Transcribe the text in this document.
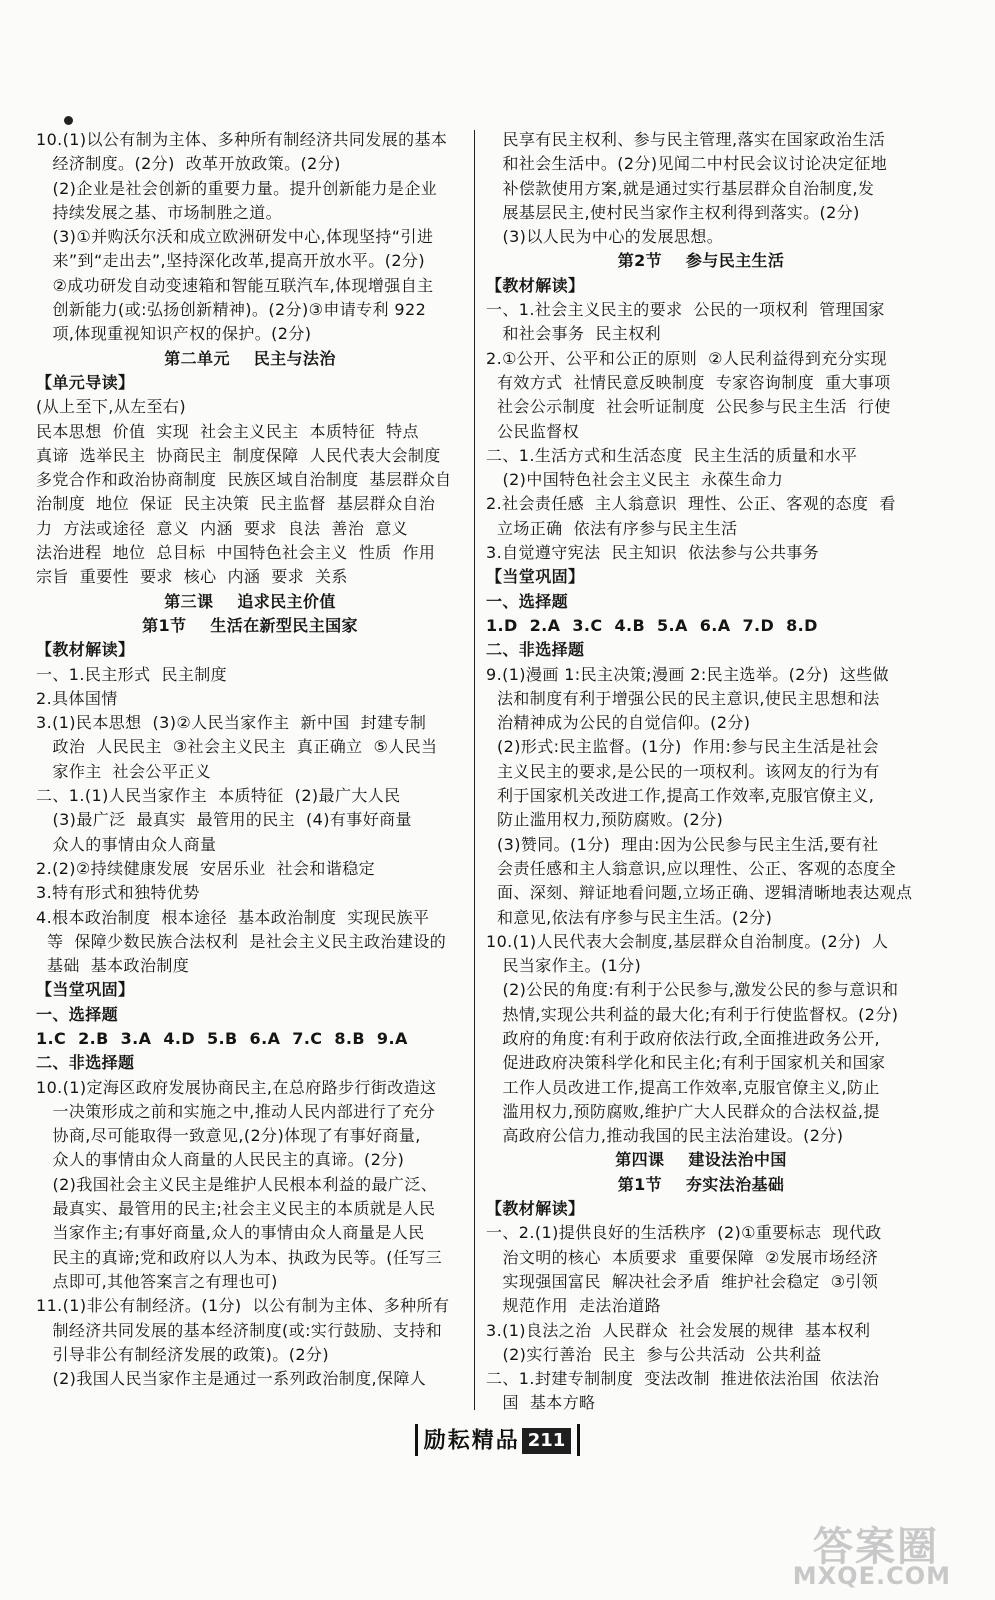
10.(1)以公有制为主体、多种所有制经济共同发展的基本
经济制度。(2分)  改革开放政策。(2分)
(2)企业是社会创新的重要力量。提升创新能力是企业
持续发展之基、市场制胜之道。
(3)①并购沃尔沃和成立欧洲研发中心,体现坚持“引进
来”到“走出去”,坚持深化改革,提高开放水平。(2分)
②成功研发自动变速箱和智能互联汽车,体现增强自主
创新能力(或:弘扬创新精神)。(2分)③申请专利 922
项,体现重视知识产权的保护。(2分)
第二单元    民主与法治
【单元导读】
(从上至下,从左至右)
民本思想  价值  实现  社会主义民主  本质特征  特点
真谛  选举民主  协商民主  制度保障  人民代表大会制度
多党合作和政治协商制度  民族区域自治制度  基层群众自
治制度  地位  保证  民主决策  民主监督  基层群众自治
力  方法或途径  意义  内涵  要求  良法  善治  意义
法治进程  地位  总目标  中国特色社会主义  性质  作用
宗旨  重要性  要求  核心  内涵  要求  关系
第三课    追求民主价值
第1节    生活在新型民主国家
【教材解读】
一、1.民主形式  民主制度
2.具体国情
3.(1)民本思想  (3)②人民当家作主  新中国  封建专制
政治  人民民主  ③社会主义民主  真正确立  ⑤人民当
家作主  社会公平正义
二、1.(1)人民当家作主  本质特征  (2)最广大人民
(3)最广泛  最真实  最管用的民主  (4)有事好商量
众人的事情由众人商量
2.(2)②持续健康发展  安居乐业  社会和谐稳定
3.特有形式和独特优势
4.根本政治制度  根本途径  基本政治制度  实现民族平
等  保障少数民族合法权利  是社会主义民主政治建设的
基础  基本政治制度
【当堂巩固】
一、选择题
1.C  2.B  3.A  4.D  5.B  6.A  7.C  8.B  9.A
二、非选择题
10.(1)定海区政府发展协商民主,在总府路步行街改造这
一决策形成之前和实施之中,推动人民内部进行了充分
协商,尽可能取得一致意见,(2分)体现了有事好商量,
众人的事情由众人商量的人民民主的真谛。(2分)
(2)我国社会主义民主是维护人民根本利益的最广泛、
最真实、最管用的民主;社会主义民主的本质就是人民
当家作主;有事好商量,众人的事情由众人商量是人民
民主的真谛;党和政府以人为本、执政为民等。(任写三
点即可,其他答案言之有理也可)
11.(1)非公有制经济。(1分)  以公有制为主体、多种所有
制经济共同发展的基本经济制度(或:实行鼓励、支持和
引导非公有制经济发展的政策)。(2分)
(2)我国人民当家作主是通过一系列政治制度,保障人
民享有民主权利、参与民主管理,落实在国家政治生活
和社会生活中。(2分)见闻二中村民会议讨论决定征地
补偿款使用方案,就是通过实行基层群众自治制度,发
展基层民主,使村民当家作主权利得到落实。(2分)
(3)以人民为中心的发展思想。
第2节    参与民主生活
【教材解读】
一、1.社会主义民主的要求  公民的一项权利  管理国家
和社会事务  民主权利
2.①公开、公平和公正的原则  ②人民利益得到充分实现
有效方式  社情民意反映制度  专家咨询制度  重大事项
社会公示制度  社会听证制度  公民参与民主生活  行使
公民监督权
二、1.生活方式和生活态度  民主生活的质量和水平
(2)中国特色社会主义民主  永葆生命力
2.社会责任感  主人翁意识  理性、公正、客观的态度  看
立场正确  依法有序参与民主生活
3.自觉遵守宪法  民主知识  依法参与公共事务
【当堂巩固】
一、选择题
1.D  2.A  3.C  4.B  5.A  6.A  7.D  8.D
二、非选择题
9.(1)漫画 1:民主决策;漫画 2:民主选举。(2分)  这些做
法和制度有利于增强公民的民主意识,使民主思想和法
治精神成为公民的自觉信仰。(2分)
(2)形式:民主监督。(1分)  作用:参与民主生活是社会
主义民主的要求,是公民的一项权利。该网友的行为有
利于国家机关改进工作,提高工作效率,克服官僚主义,
防止滥用权力,预防腐败。(2分)
(3)赞同。(1分)  理由:因为公民参与民主生活,要有社
会责任感和主人翁意识,应以理性、公正、客观的态度全
面、深刻、辩证地看问题,立场正确、逻辑清晰地表达观点
和意见,依法有序参与民主生活。(2分)
10.(1)人民代表大会制度,基层群众自治制度。(2分)  人
民当家作主。(1分)
(2)公民的角度:有利于公民参与,激发公民的参与意识和
热情,实现公共利益的最大化;有利于行使监督权。(2分)
政府的角度:有利于政府依法行政,全面推进政务公开,
促进政府决策科学化和民主化;有利于国家机关和国家
工作人员改进工作,提高工作效率,克服官僚主义,防止
滥用权力,预防腐败,维护广大人民群众的合法权益,提
高政府公信力,推动我国的民主法治建设。(2分)
第四课    建设法治中国
第1节    夯实法治基础
【教材解读】
一、2.(1)提供良好的生活秩序  (2)①重要标志  现代政
治文明的核心  本质要求  重要保障  ②发展市场经济
实现强国富民  解决社会矛盾  维护社会稳定  ③引领
规范作用  走法治道路
3.(1)良法之治  人民群众  社会发展的规律  基本权利
(2)实行善治  民主  参与公共活动  公共利益
二、1.封建专制制度  变法改制  推进依法治国  依法治
国  基本方略
励耘精品 211
答案圈
MXQE.COM
